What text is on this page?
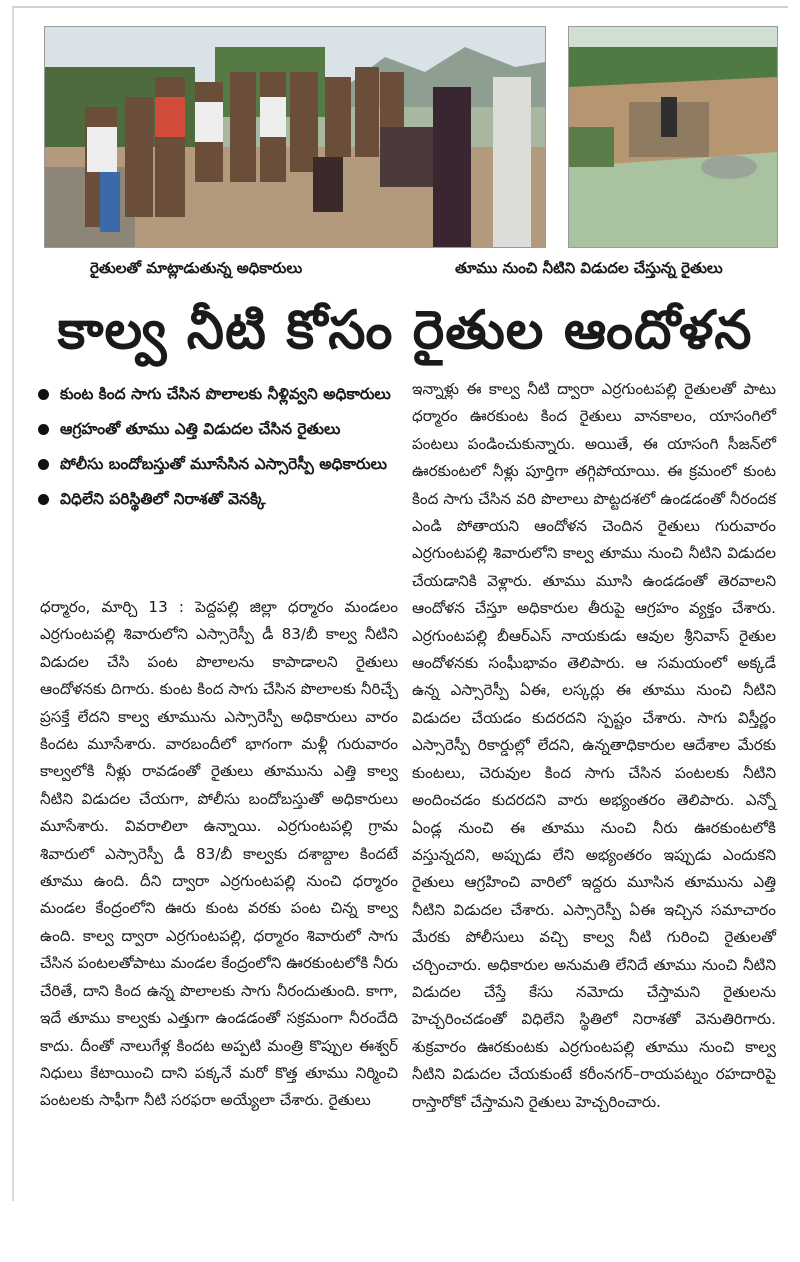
రైతులతో మాట్లాడుతున్న అధికారులు	తూము నుంచి నీటిని విడుదల చేస్తున్న రైతులు
కాల్వ నీటి కోసం రైతుల ఆందోళన
కుంట కింద సాగు చేసిన పొలాలకు నీళ్లివ్వని అధికారులు
ఆగ్రహంతో తూము ఎత్తి విడుదల చేసిన రైతులు
పోలీసు బందోబస్తుతో మూసేసిన ఎస్సారెస్పీ అధికారులు
విధిలేని పరిస్థితిలో నిరాశతో వెనక్కి

ధర్మారం, మార్చి 13 : పెద్దపల్లి జిల్లా ధర్మారం మండలం ఎర్రగుంటపల్లి శివారులోని ఎస్సారెస్పీ డీ 83/బీ కాల్వ నీటిని విడుదల చేసి పంట పొలాలను కాపాడాలని రైతులు ఆందోళనకు దిగారు. కుంట కింద సాగు చేసిన పొలాలకు నీరిచ్చే ప్రసక్తే లేదని కాల్వ తూమును ఎస్సారెస్పీ అధికారులు వారం కిందట మూసేశారు. వారబందీలో భాగంగా మళ్లీ గురువారం కాల్వలోకి నీళ్లు రావడంతో రైతులు తూమును ఎత్తి కాల్వ నీటిని విడుదల చేయగా, పోలీసు బందోబస్తుతో అధికారులు మూసేశారు. వివరాలిలా ఉన్నాయి. ఎర్రగుంటపల్లి గ్రామ శివారులో ఎస్సారెస్పీ డీ 83/బీ కాల్వకు దశాబ్దాల కిందటే తూము ఉంది. దీని ద్వారా ఎర్రగుంటపల్లి నుంచి ధర్మారం మండల కేంద్రంలోని ఊరు కుంట వరకు పంట చిన్న కాల్వ ఉంది. కాల్వ ద్వారా ఎర్రగుంటపల్లి, ధర్మారం శివారులో సాగు చేసిన పంటలతోపాటు మండల కేంద్రంలోని ఊరకుంటలోకి నీరు చేరితే, దాని కింద ఉన్న పొలాలకు సాగు నీరందుతుంది. కాగా, ఇదే తూము కాల్వకు ఎత్తుగా ఉండడంతో సక్రమంగా నీరందేది కాదు. దీంతో నాలుగేళ్ల కిందట అప్పటి మంత్రి కొప్పుల ఈశ్వర్ నిధులు కేటాయించి దాని పక్కనే మరో కొత్త తూము నిర్మించి పంటలకు సాఫీగా నీటి సరఫరా అయ్యేలా చేశారు. రైతులు

ఇన్నాళ్లు ఈ కాల్వ నీటి ద్వారా ఎర్రగుంటపల్లి రైతులతో పాటు ధర్మారం ఊరకుంట కింద రైతులు వానకాలం, యాసంగిలో పంటలు పండించుకున్నారు. అయితే, ఈ యాసంగి సీజన్‌లో ఊరకుంటలో నీళ్లు పూర్తిగా తగ్గిపోయాయి. ఈ క్రమంలో కుంట కింద సాగు చేసిన వరి పొలాలు పొట్టదశలో ఉండడంతో నీరందక ఎండి పోతాయని ఆందోళన చెందిన రైతులు గురువారం ఎర్రగుంటపల్లి శివారులోని కాల్వ తూము నుంచి నీటిని విడుదల చేయడానికి వెళ్లారు. తూము మూసి ఉండడంతో తెరవాలని ఆందోళన చేస్తూ అధికారుల తీరుపై ఆగ్రహం వ్యక్తం చేశారు. ఎర్రగుంటపల్లి బీఆర్ఎస్ నాయకుడు ఆవుల శ్రీనివాస్ రైతుల ఆందోళనకు సంఘీభావం తెలిపారు. ఆ సమయంలో అక్కడే ఉన్న ఎస్సారెస్పీ ఏఈ, లస్కర్లు ఈ తూము నుంచి నీటిని విడుదల చేయడం కుదరదని స్పష్టం చేశారు. సాగు విస్తీర్ణం ఎస్సారెస్పీ రికార్డుల్లో లేదని, ఉన్నతాధికారుల ఆదేశాల మేరకు కుంటలు, చెరువుల కింద సాగు చేసిన పంటలకు నీటిని అందించడం కుదరదని వారు అభ్యంతరం తెలిపారు. ఎన్నో ఏండ్ల నుంచి ఈ తూము నుంచి నీరు ఊరకుంటలోకి వస్తున్నదని, అప్పుడు లేని అభ్యంతరం ఇప్పుడు ఎందుకని రైతులు ఆగ్రహించి వారిలో ఇద్దరు మూసిన తూమును ఎత్తి నీటిని విడుదల చేశారు. ఎస్సారెస్పీ ఏఈ ఇచ్చిన సమాచారం మేరకు పోలీసులు వచ్చి కాల్వ నీటి గురించి రైతులతో చర్చించారు. అధికారుల అనుమతి లేనిదే తూము నుంచి నీటిని విడుదల చేస్తే కేసు నమోదు చేస్తామని రైతులను హెచ్చరించడంతో విధిలేని స్థితిలో నిరాశతో వెనుతిరిగారు. శుక్రవారం ఊరకుంటకు ఎర్రగుంటపల్లి తూము నుంచి కాల్వ నీటిని విడుదల చేయకుంటే కరీంనగర్–రాయపట్నం రహదారిపై రాస్తారోకో చేస్తామని రైతులు హెచ్చరించారు.
